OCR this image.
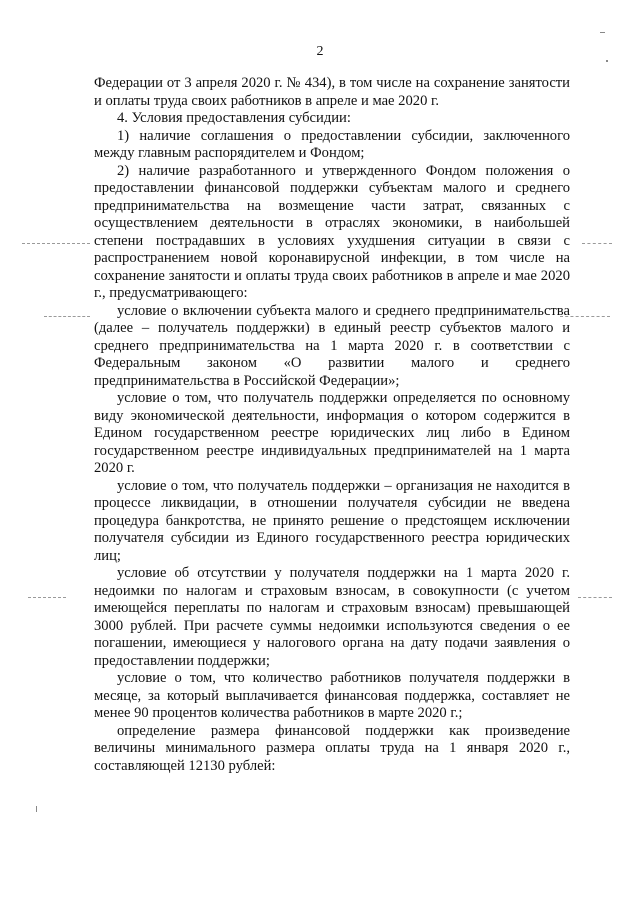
2

Федерации от 3 апреля 2020 г. № 434), в том числе на сохранение занятости и оплаты труда своих работников в апреле и мае 2020 г.

4. Условия предоставления субсидии:

1) наличие соглашения о предоставлении субсидии, заключенного между главным распорядителем и Фондом;

2) наличие разработанного и утвержденного Фондом положения о предоставлении финансовой поддержки субъектам малого и среднего предпринимательства на возмещение части затрат, связанных с осуществлением деятельности в отраслях экономики, в наибольшей степени пострадавших в условиях ухудшения ситуации в связи с распространением новой коронавирусной инфекции, в том числе на сохранение занятости и оплаты труда своих работников в апреле и мае 2020 г., предусматривающего:

условие о включении субъекта малого и среднего предпринимательства (далее – получатель поддержки) в единый реестр субъектов малого и среднего предпринимательства на 1 марта 2020 г. в соответствии с Федеральным законом «О развитии малого и среднего предпринимательства в Российской Федерации»;

условие о том, что получатель поддержки определяется по основному виду экономической деятельности, информация о котором содержится в Едином государственном реестре юридических лиц либо в Едином государственном реестре индивидуальных предпринимателей на 1 марта 2020 г.

условие о том, что получатель поддержки – организация не находится в процессе ликвидации, в отношении получателя субсидии не введена процедура банкротства, не принято решение о предстоящем исключении получателя субсидии из Единого государственного реестра юридических лиц;

условие об отсутствии у получателя поддержки на 1 марта 2020 г. недоимки по налогам и страховым взносам, в совокупности (с учетом имеющейся переплаты по налогам и страховым взносам) превышающей 3000 рублей. При расчете суммы недоимки используются сведения о ее погашении, имеющиеся у налогового органа на дату подачи заявления о предоставлении поддержки;

условие о том, что количество работников получателя поддержки в месяце, за который выплачивается финансовая поддержка, составляет не менее 90 процентов количества работников в марте 2020 г.;

определение размера финансовой поддержки как произведение величины минимального размера оплаты труда на 1 января 2020 г., составляющей 12130 рублей:
